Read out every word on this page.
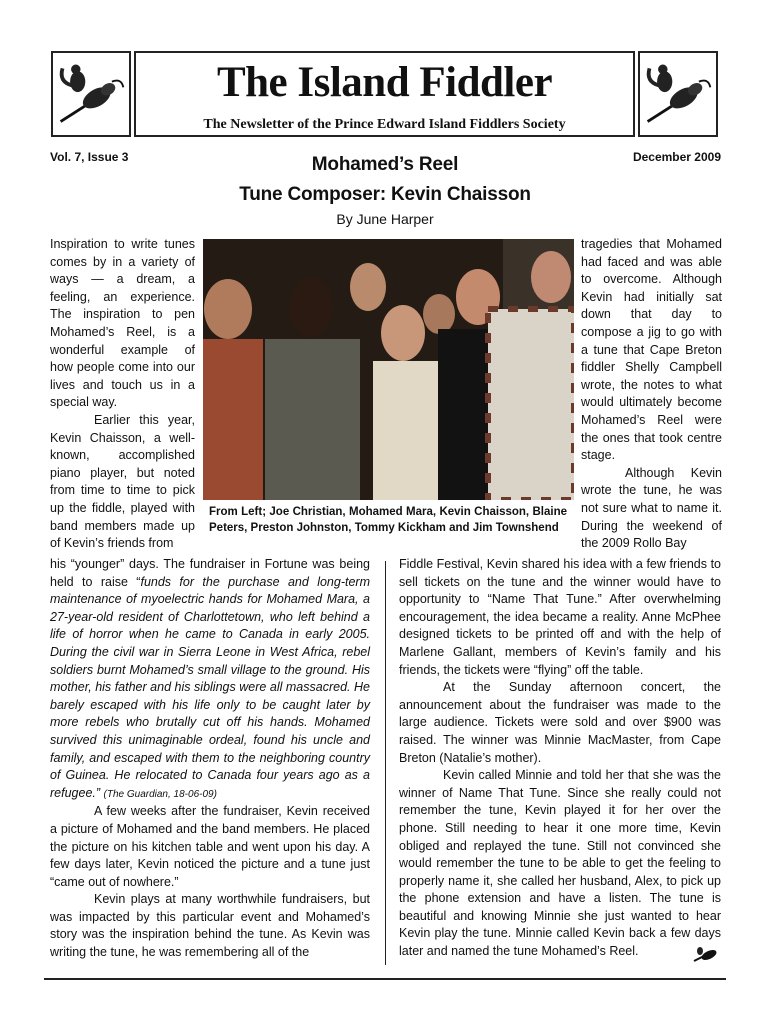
The Island Fiddler
The Newsletter of the Prince Edward Island Fiddlers Society
Vol. 7, Issue 3	December 2009
Mohamed’s Reel
Tune Composer: Kevin Chaisson
By June Harper

Inspiration to write tunes comes by in a variety of ways — a dream, a feeling, an experience. The inspiration to pen Mohamed’s Reel, is a wonderful example of how people come into our lives and touch us in a special way.

Earlier this year, Kevin Chaisson, a well-known, accomplished piano player, but noted from time to time to pick up the fiddle, played with band members made up of Kevin’s friends from

tragedies that Mohamed had faced and was able to overcome. Although Kevin had initially sat down that day to compose a jig to go with a tune that Cape Breton fiddler Shelly Campbell wrote, the notes to what would ultimately become Mohamed’s Reel were the ones that took centre stage.

Although Kevin wrote the tune, he was not sure what to name it. During the weekend of the 2009 Rollo Bay

From Left; Joe Christian, Mohamed Mara, Kevin Chaisson, Blaine Peters, Preston Johnston, Tommy Kickham and Jim Townshend

his “younger” days. The fundraiser in Fortune was being held to raise “funds for the purchase and long-term maintenance of myoelectric hands for Mohamed Mara, a 27-year-old resident of Charlottetown, who left behind a life of horror when he came to Canada in early 2005. During the civil war in Sierra Leone in West Africa, rebel soldiers burnt Mohamed’s small village to the ground. His mother, his father and his siblings were all massacred. He barely escaped with his life only to be caught later by more rebels who brutally cut off his hands. Mohamed survived this unimaginable ordeal, found his uncle and family, and escaped with them to the neighboring country of Guinea. He relocated to Canada four years ago as a refugee.” (The Guardian, 18-06-09)

A few weeks after the fundraiser, Kevin received a picture of Mohamed and the band members. He placed the picture on his kitchen table and went upon his day. A few days later, Kevin noticed the picture and a tune just “came out of nowhere.”

Kevin plays at many worthwhile fundraisers, but was impacted by this particular event and Mohamed’s story was the inspiration behind the tune. As Kevin was writing the tune, he was remembering all of the

Fiddle Festival, Kevin shared his idea with a few friends to sell tickets on the tune and the winner would have to opportunity to “Name That Tune.” After overwhelming encouragement, the idea became a reality. Anne McPhee designed tickets to be printed off and with the help of Marlene Gallant, members of Kevin’s family and his friends, the tickets were “flying” off the table.

At the Sunday afternoon concert, the announcement about the fundraiser was made to the large audience. Tickets were sold and over $900 was raised. The winner was Minnie MacMaster, from Cape Breton (Natalie’s mother).

Kevin called Minnie and told her that she was the winner of Name That Tune. Since she really could not remember the tune, Kevin played it for her over the phone. Still needing to hear it one more time, Kevin obliged and replayed the tune. Still not convinced she would remember the tune to be able to get the feeling to properly name it, she called her husband, Alex, to pick up the phone extension and have a listen. The tune is beautiful and knowing Minnie she just wanted to hear Kevin play the tune. Minnie called Kevin back a few days later and named the tune Mohamed’s Reel.
